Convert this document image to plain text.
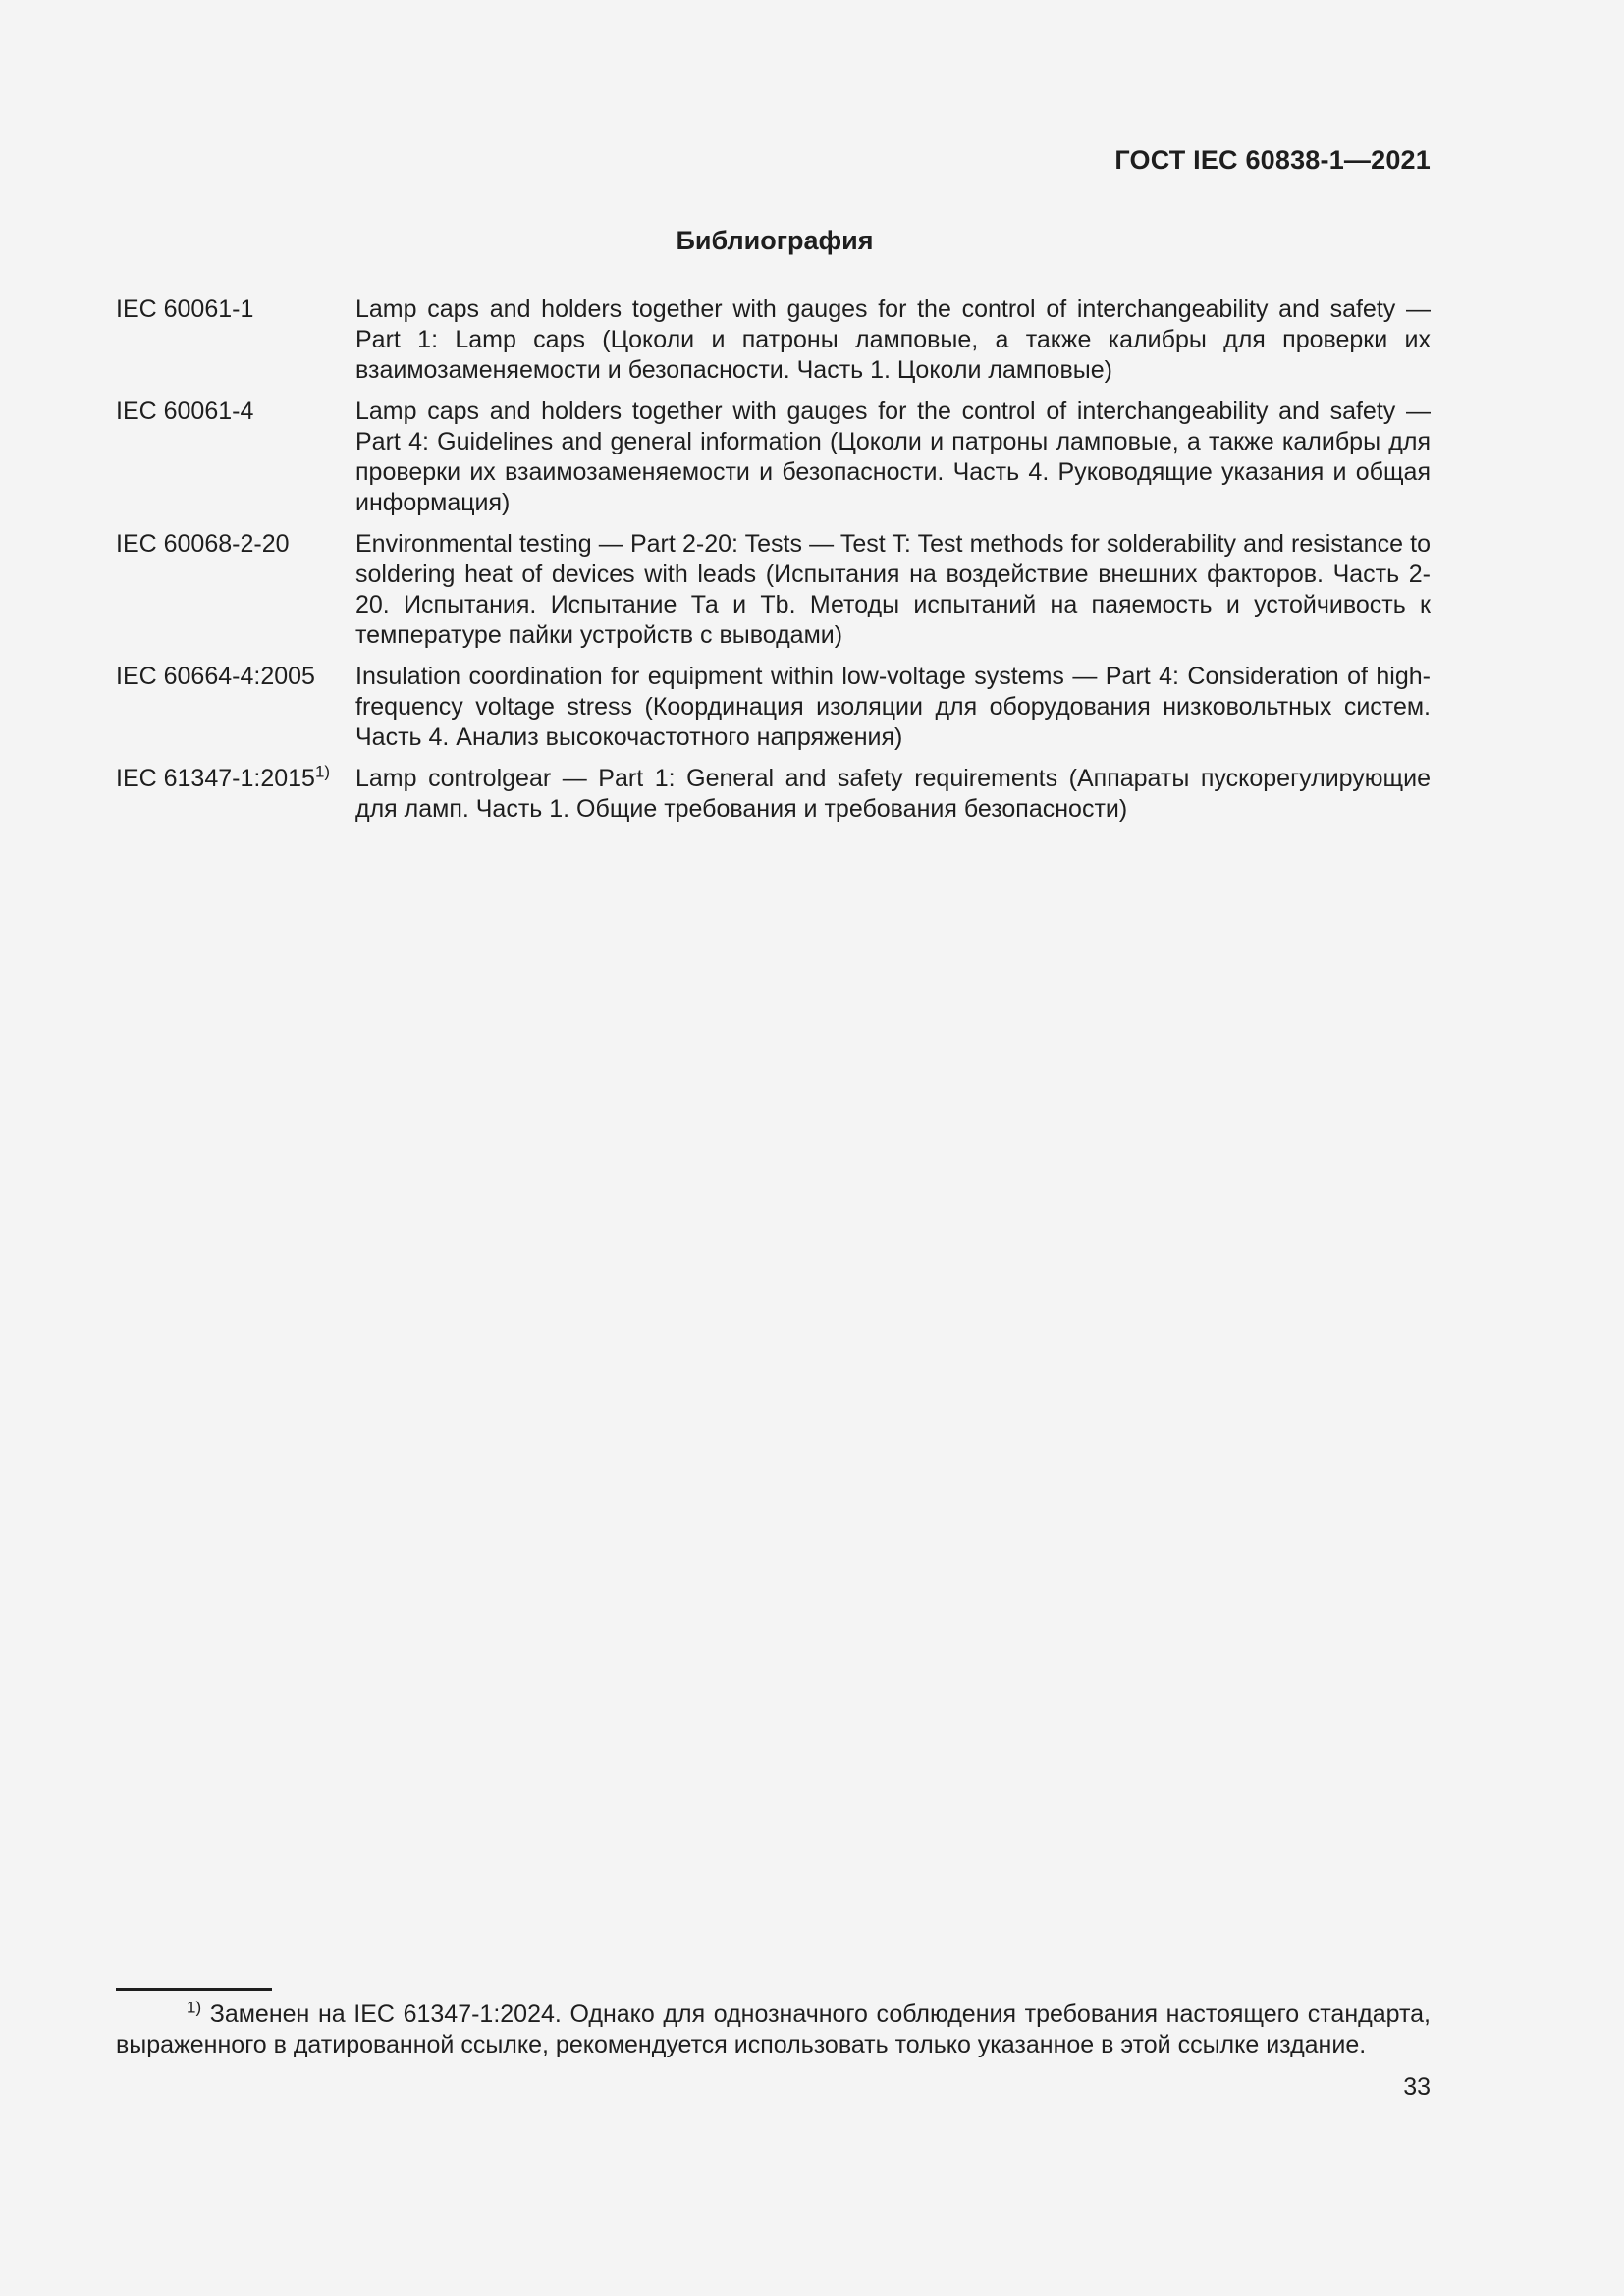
ГОСТ IEC 60838-1—2021
Библиография
IEC 60061-1	Lamp caps and holders together with gauges for the control of interchangeability and safety — Part 1: Lamp caps (Цоколи и патроны ламповые, а также калибры для проверки их взаимозаменяемости и безопасности. Часть 1. Цоколи ламповые)
IEC 60061-4	Lamp caps and holders together with gauges for the control of interchangeability and safety — Part 4: Guidelines and general information (Цоколи и патроны ламповые, а также калибры для проверки их взаимозаменяемости и безопасности. Часть 4. Руководящие указания и общая информация)
IEC 60068-2-20	Environmental testing — Part 2-20: Tests — Test T: Test methods for solderability and resistance to soldering heat of devices with leads (Испытания на воздействие внешних факторов. Часть 2-20. Испытания. Испытание Та и Tb. Методы испытаний на паяемость и устойчивость к температуре пайки устройств с выводами)
IEC 60664-4:2005	Insulation coordination for equipment within low-voltage systems — Part 4: Consideration of high-frequency voltage stress (Координация изоляции для оборудования низковольтных систем. Часть 4. Анализ высокочастотного напряжения)
IEC 61347-1:2015$^{1)}$	Lamp controlgear — Part 1: General and safety requirements (Аппараты пускорегулирующие для ламп. Часть 1. Общие требования и требования безопасности)
$^{1)}$ Заменен на IEC 61347-1:2024. Однако для однозначного соблюдения требования настоящего стандарта, выраженного в датированной ссылке, рекомендуется использовать только указанное в этой ссылке издание.
33
